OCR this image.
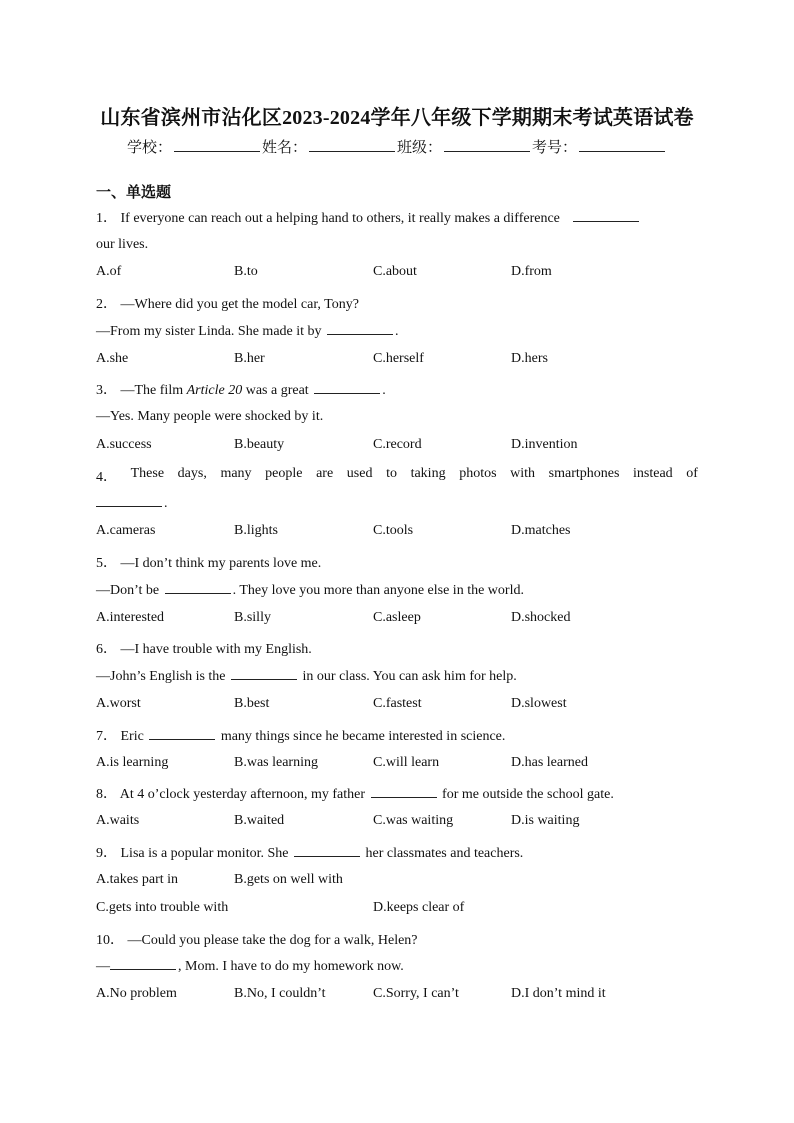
山东省滨州市沾化区2023-2024学年八年级下学期期末考试英语试卷
学校：	姓名：	班级：	考号：
一、单选题
1． If everyone can reach out a helping hand to others, it really makes a difference
our lives.
A.of	B.to	C.about	D.from
2． —Where did you get the model car, Tony?
—From my sister Linda. She made it by	.
A.she	B.her	C.herself	D.hers
3． —The film Article 20 was a great	.
—Yes. Many people were shocked by it.
A.success	B.beauty	C.record	D.invention
4． These days, many people are used to taking photos with smartphones instead of
.
A.cameras	B.lights	C.tools	D.matches
5． —I don’t think my parents love me.
—Don’t be	. They love you more than anyone else in the world.
A.interested	B.silly	C.asleep	D.shocked
6． —I have trouble with my English.
—John’s English is the	in our class. You can ask him for help.
A.worst	B.best	C.fastest	D.slowest
7． Eric	many things since he became interested in science.
A.is learning	B.was learning	C.will learn	D.has learned
8． At 4 o’clock yesterday afternoon, my father	for me outside the school gate.
A.waits	B.waited	C.was waiting	D.is waiting
9． Lisa is a popular monitor. She	her classmates and teachers.
A.takes part in	B.gets on well with
C.gets into trouble with	D.keeps clear of
10． —Could you please take the dog for a walk, Helen?
—	, Mom. I have to do my homework now.
A.No problem	B.No, I couldn’t	C.Sorry, I can’t	D.I don’t mind it
